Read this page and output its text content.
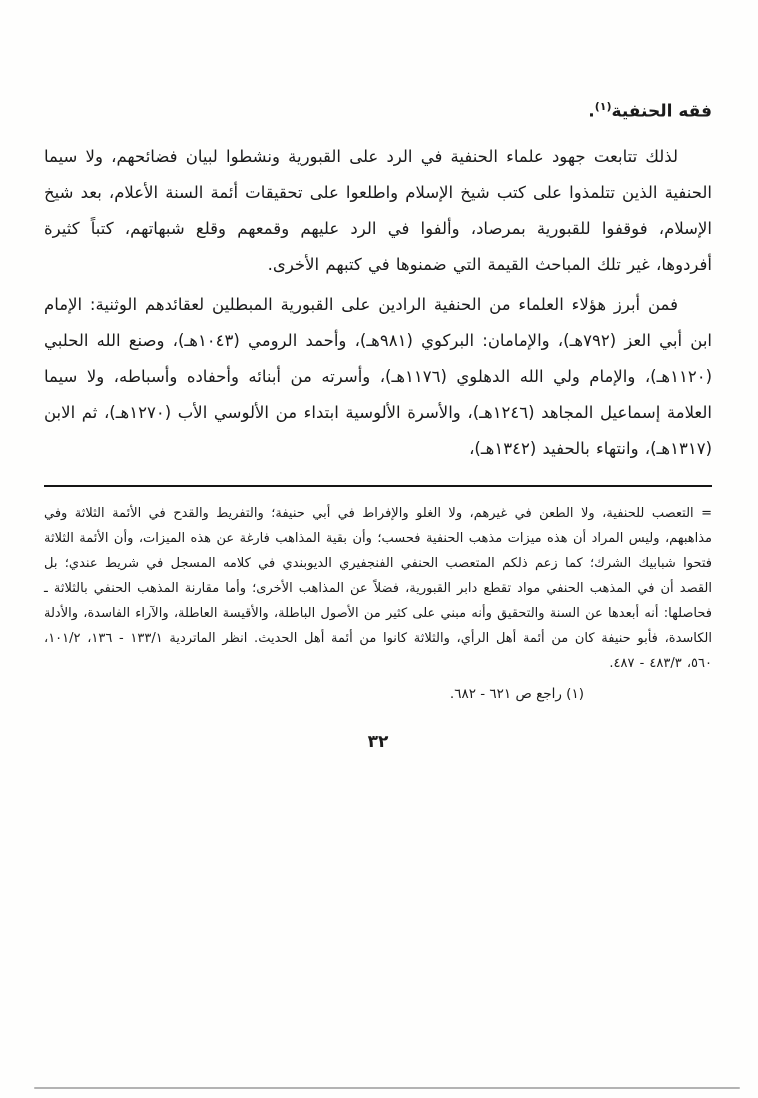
فقه الحنفية$^{(١)}$.

لذلك تتابعت جهود علماء الحنفية في الرد على القبورية ونشطوا لبيان فضائحهم، ولا سيما الحنفية الذين تتلمذوا على كتب شيخ الإسلام واطلعوا على تحقيقات أئمة السنة الأعلام، بعد شيخ الإسلام، فوقفوا للقبورية بمرصاد، وألفوا في الرد عليهم وقمعهم وقلع شبهاتهم، كتباً كثيرة أفردوها، غير تلك المباحث القيمة التي ضمنوها في كتبهم الأخرى.

فمن أبرز هؤلاء العلماء من الحنفية الرادين على القبورية المبطلين لعقائدهم الوثنية: الإمام ابن أبي العز (٧٩٢هـ)، والإمامان: البركوي (٩٨١هـ)، وأحمد الرومي (١٠٤٣هـ)، وصنع الله الحلبي (١١٢٠هـ)، والإمام ولي الله الدهلوي (١١٧٦هـ)، وأسرته من أبنائه وأحفاده وأسباطه، ولا سيما العلامة إسماعيل المجاهد (١٢٤٦هـ)، والأسرة الألوسية ابتداء من الألوسي الأب (١٢٧٠هـ)، ثم الابن (١٣١٧هـ)، وانتهاء بالحفيد (١٣٤٢هـ)،

= التعصب للحنفية، ولا الطعن في غيرهم، ولا الغلو والإفراط في أبي حنيفة؛ والتفريط والقدح في الأئمة الثلاثة وفي مذاهبهم، وليس المراد أن هذه ميزات مذهب الحنفية فحسب؛ وأن بقية المذاهب فارغة عن هذه الميزات، وأن الأئمة الثلاثة فتحوا شبابيك الشرك؛ كما زعم ذلكم المتعصب الحنفي الفنجفيري الديوبندي في كلامه المسجل في شريط عندي؛ بل القصد أن في المذهب الحنفي مواد تقطع دابر القبورية، فضلاً عن المذاهب الأخرى؛ وأما مقارنة المذهب الحنفي بالثلاثة ـ فحاصلها: أنه أبعدها عن السنة والتحقيق وأنه مبني على كثير من الأصول الباطلة، والأقيسة العاطلة، والآراء الفاسدة، والأدلة الكاسدة، فأبو حنيفة كان من أئمة أهل الرأي، والثلاثة كانوا من أئمة أهل الحديث. انظر الماتردية ١٣٣/١ - ١٣٦، ١٠١/٢، ٥٦٠، ٤٨٣/٣ - ٤٨٧.

(١) راجع ص ٦٢١ - ٦٨٢.

٣٢
